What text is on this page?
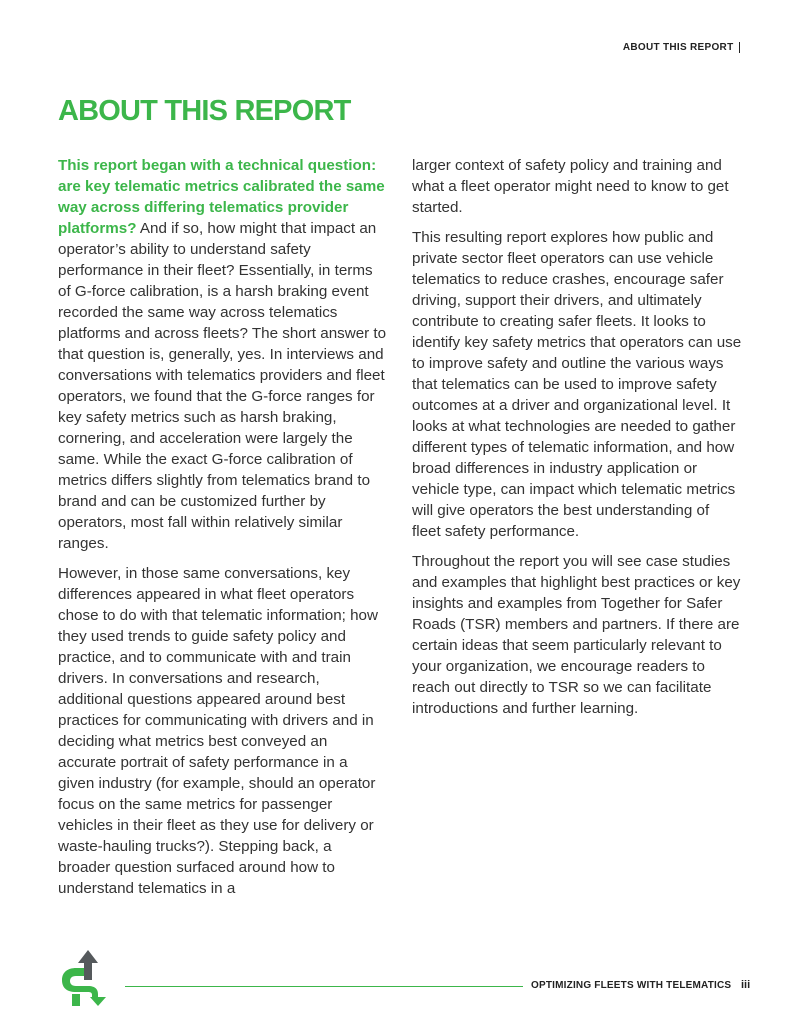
ABOUT THIS REPORT
ABOUT THIS REPORT

This report began with a technical question: are key telematic metrics calibrated the same way across differing telematics provider platforms? And if so, how might that impact an operator’s ability to understand safety performance in their fleet? Essentially, in terms of G-force calibration, is a harsh braking event recorded the same way across telematics platforms and across fleets? The short answer to that question is, generally, yes. In interviews and conversations with telematics providers and fleet operators, we found that the G-force ranges for key safety metrics such as harsh braking, cornering, and acceleration were largely the same. While the exact G-force calibration of metrics differs slightly from telematics brand to brand and can be customized further by operators, most fall within relatively similar ranges.

However, in those same conversations, key differences appeared in what fleet operators chose to do with that telematic information; how they used trends to guide safety policy and practice, and to communicate with and train drivers. In conversations and research, additional questions appeared around best practices for communicating with drivers and in deciding what metrics best conveyed an accurate portrait of safety performance in a given industry (for example, should an operator focus on the same metrics for passenger vehicles in their fleet as they use for delivery or waste-hauling trucks?). Stepping back, a broader question surfaced around how to understand telematics in a

larger context of safety policy and training and what a fleet operator might need to know to get started.

This resulting report explores how public and private sector fleet operators can use vehicle telematics to reduce crashes, encourage safer driving, support their drivers, and ultimately contribute to creating safer fleets. It looks to identify key safety metrics that operators can use to improve safety and outline the various ways that telematics can be used to improve safety outcomes at a driver and organizational level. It looks at what technologies are needed to gather different types of telematic information, and how broad differences in industry application or vehicle type, can impact which telematic metrics will give operators the best understanding of fleet safety performance.

Throughout the report you will see case studies and examples that highlight best practices or key insights and examples from Together for Safer Roads (TSR) members and partners. If there are certain ideas that seem particularly relevant to your organization, we encourage readers to reach out directly to TSR so we can facilitate introductions and further learning.

OPTIMIZING FLEETS WITH TELEMATICS iii
